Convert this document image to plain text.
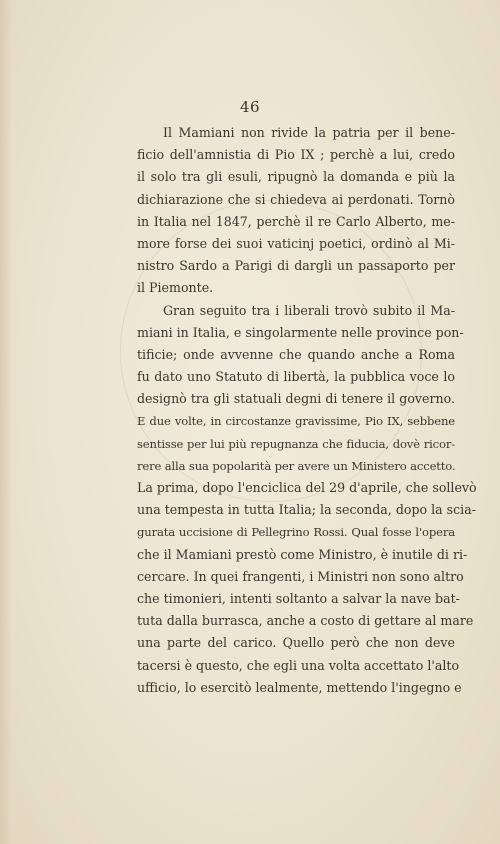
46
Il Mamiani non rivide la patria per il bene-
ficio dell'amnistia di Pio IX ; perchè a lui, credo
il solo tra gli esuli, ripugnò la domanda e più la
dichiarazione che si chiedeva ai perdonati. Tornò
in Italia nel 1847, perchè il re Carlo Alberto, me-
more forse dei suoi vaticinj poetici, ordinò al Mi-
nistro Sardo a Parigi di dargli un passaporto per
il Piemonte.
Gran seguito tra i liberali trovò subito il Ma-
miani in Italia, e singolarmente nelle province pon-
tificie; onde avvenne che quando anche a Roma
fu dato uno Statuto di libertà, la pubblica voce lo
designò tra gli statuali degni di tenere il governo.
E due volte, in circostanze gravissime, Pio IX, sebbene
sentisse per lui più repugnanza che fiducia, dovè ricor-
rere alla sua popolarità per avere un Ministero accetto.
La prima, dopo l'enciclica del 29 d'aprile, che sollevò
una tempesta in tutta Italia; la seconda, dopo la scia-
gurata uccisione di Pellegrino Rossi. Qual fosse l'opera
che il Mamiani prestò come Ministro, è inutile di ri-
cercare. In quei frangenti, i Ministri non sono altro
che timonieri, intenti soltanto a salvar la nave bat-
tuta dalla burrasca, anche a costo di gettare al mare
una parte del carico. Quello però che non deve
tacersi è questo, che egli una volta accettato l'alto
ufficio, lo esercitò lealmente, mettendo l'ingegno e
